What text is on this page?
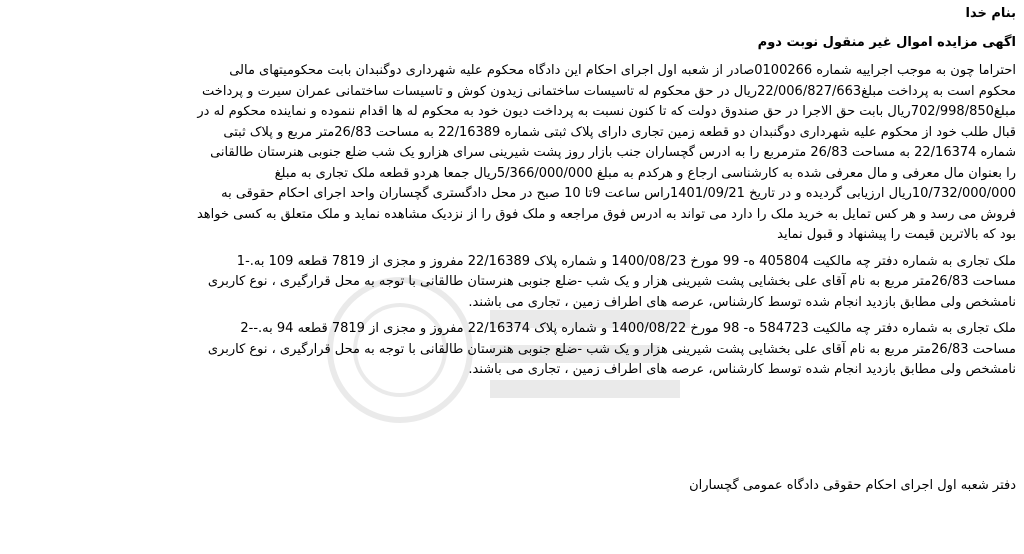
بنام خدا

اگهی مزایده اموال غیر منقول نوبت دوم

احتراما چون به موجب اجراییه شماره 0100266صادر از شعبه اول اجرای احکام این دادگاه محکوم علیه شهرداری دوگنبدان بابت محکومیتهای مالی

محکوم است به پرداخت مبلغ22/006/827/663ریال در حق محکوم له تاسیسات ساختمانی زیدون کوش و تاسیسات ساختمانی عمران سیرت و پرداخت

مبلغ702/998/850ریال بابت حق الاجرا در حق صندوق دولت که تا کنون نسبت به پرداخت دیون خود به محکوم له ها اقدام ننموده و نماینده محکوم له در

قبال طلب خود از محکوم علیه شهرداری دوگنبدان دو قطعه زمین تجاری دارای پلاک ثبتی شماره 22/16389 به مساحت 26/83متر مربع و پلاک ثبتی

شماره 22/16374 به مساحت 26/83 مترمربع را به ادرس گچساران جنب بازار روز پشت شیرینی سرای هزارو یک شب ضلع جنوبی هنرستان طالقانی

را بعنوان مال معرفی و مال معرفی شده به کارشناسی ارجاع و هرکدم به مبلغ 5/366/000/000ریال جمعا هردو قطعه ملک تجاری به مبلغ

10/732/000/000ریال ارزیابی گردیده و در تاریخ 1401/09/21راس ساعت 9تا 10 صبح در محل دادگستری گچساران واحد اجرای احکام حقوقی به

فروش می رسد و هر کس تمایل به خرید ملک را دارد می تواند به ادرس فوق مراجعه و ملک فوق را از نزدیک مشاهده نماید و ملک متعلق به کسی خواهد

بود که بالاترین قیمت را پیشنهاد و قبول نماید

ملک تجاری به شماره دفتر چه مالکیت 405804 ه- 99 مورخ 1400/08/23 و شماره پلاک 22/16389 مفروز و مجزی از 7819 قطعه 109 به.-1

مساحت 26/83متر مربع به نام آقای علی بخشایی پشت شیرینی هزار و یک شب -ضلع جنوبی هنرستان طالقانی با توجه به محل قرارگیری ، نوع کاربری

نامشخص ولی مطابق بازدید انجام شده توسط کارشناس، عرصه های اطراف زمین ، تجاری می باشند.

ملک تجاری به شماره دفتر چه مالکیت 584723 ه- 98 مورخ 1400/08/22 و شماره پلاک 22/16374 مفروز و مجزی از 7819 قطعه 94 به.--2

مساحت 26/83متر مربع به نام آقای علی بخشایی پشت شیرینی هزار و یک شب -ضلع جنوبی هنرستان طالقانی با توجه به محل قرارگیری ، نوع کاربری

نامشخص ولی مطابق بازدید انجام شده توسط کارشناس، عرصه های اطراف زمین ، تجاری می باشند.

دفتر شعبه اول اجرای احکام حقوقی دادگاه عمومی گچساران
